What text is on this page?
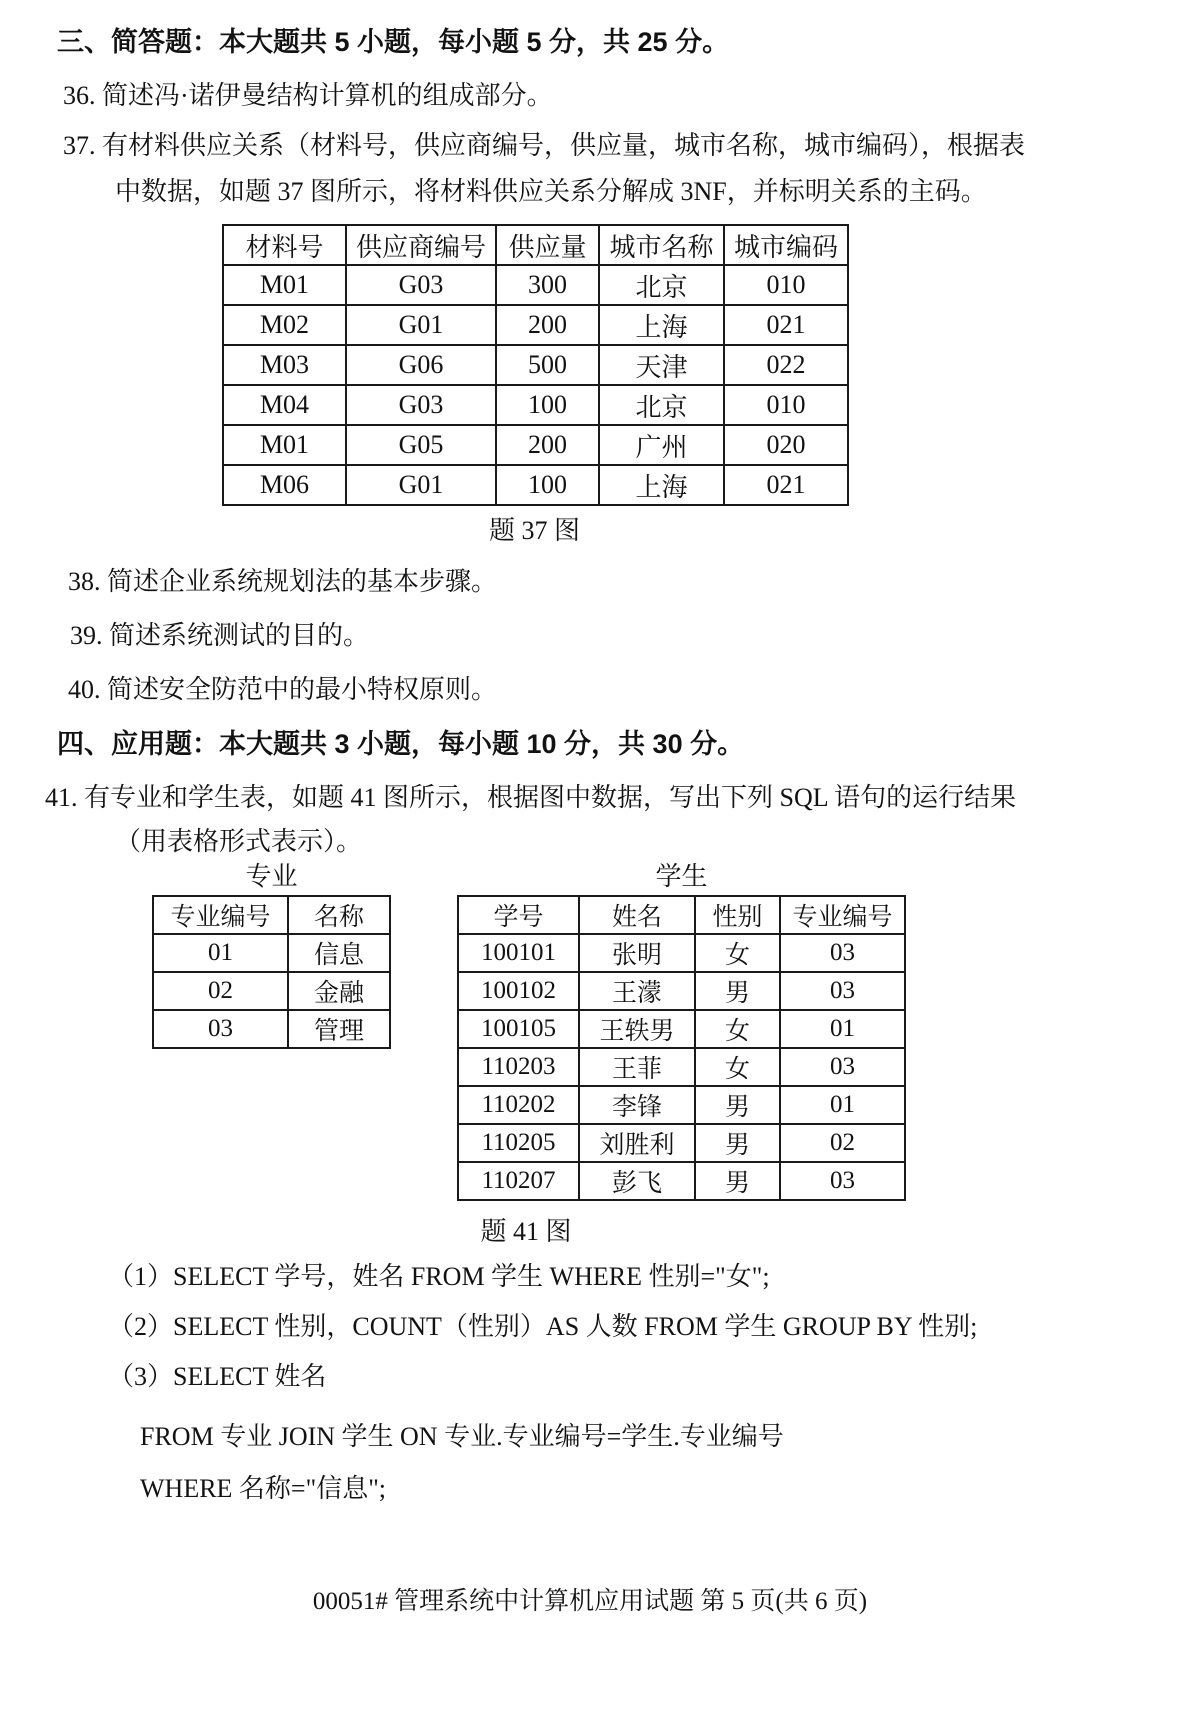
三、简答题：本大题共 5 小题，每小题 5 分，共 25 分。
36. 简述冯·诺伊曼结构计算机的组成部分。
37. 有材料供应关系（材料号，供应商编号，供应量，城市名称，城市编码），根据表
中数据，如题 37 图所示，将材料供应关系分解成 3NF，并标明关系的主码。
材料号	供应商编号	供应量	城市名称	城市编码
M01	G03	300	北京	010
M02	G01	200	上海	021
M03	G06	500	天津	022
M04	G03	100	北京	010
M01	G05	200	广州	020
M06	G01	100	上海	021
题 37 图
38. 简述企业系统规划法的基本步骤。
39. 简述系统测试的目的。
40. 简述安全防范中的最小特权原则。
四、应用题：本大题共 3 小题，每小题 10 分，共 30 分。
41. 有专业和学生表，如题 41 图所示，根据图中数据，写出下列 SQL 语句的运行结果
（用表格形式表示）。
专业
专业编号	名称
01	信息
02	金融
03	管理
学生
学号	姓名	性别	专业编号
100101	张明	女	03
100102	王濛	男	03
100105	王轶男	女	01
110203	王菲	女	03
110202	李锋	男	01
110205	刘胜利	男	02
110207	彭飞	男	03
题 41 图
（1）SELECT 学号，姓名 FROM 学生 WHERE 性别="女";
（2）SELECT 性别，COUNT（性别）AS 人数 FROM 学生 GROUP BY 性别;
（3）SELECT 姓名
FROM 专业 JOIN 学生 ON 专业.专业编号=学生.专业编号
WHERE 名称="信息";
00051# 管理系统中计算机应用试题 第 5 页(共 6 页)
